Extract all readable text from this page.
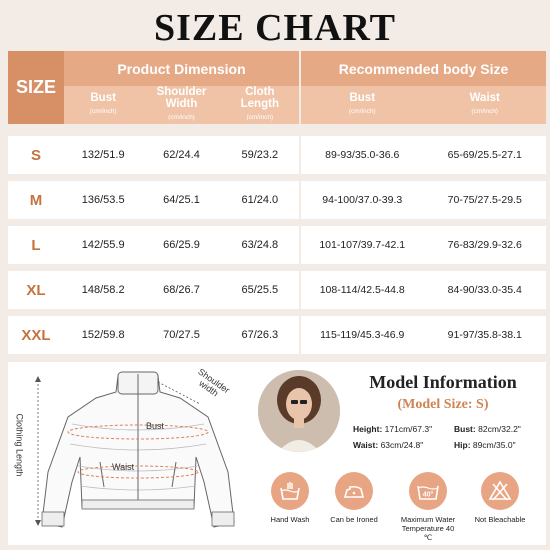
SIZE CHART
SIZE
Product Dimension
Bust
(cm/inch)
Shoulder Width
(cm/inch)
Cloth Length
(cm/inch)
Recommended body Size
Bust
(cm/inch)
Waist
(cm/inch)
S	132/51.9	62/24.4	59/23.2	89-93/35.0-36.6	65-69/25.5-27.1
M	136/53.5	64/25.1	61/24.0	94-100/37.0-39.3	70-75/27.5-29.5
L	142/55.9	66/25.9	63/24.8	101-107/39.7-42.1	76-83/29.9-32.6
XL	148/58.2	68/26.7	65/25.5	108-114/42.5-44.8	84-90/33.0-35.4
XXL	152/59.8	70/27.5	67/26.3	115-119/45.3-46.9	91-97/35.8-38.1
Clothing Length
Shoulder width
Bust
Waist
Model Information
(Model Size: S)
Height: 171cm/67.3"	Bust: 82cm/32.2"
Waist: 63cm/24.8"	Hip: 89cm/35.0"
Hand Wash	Can be Ironed
40°
Maximum Water Temperature 40 ℃
Not Bleachable
